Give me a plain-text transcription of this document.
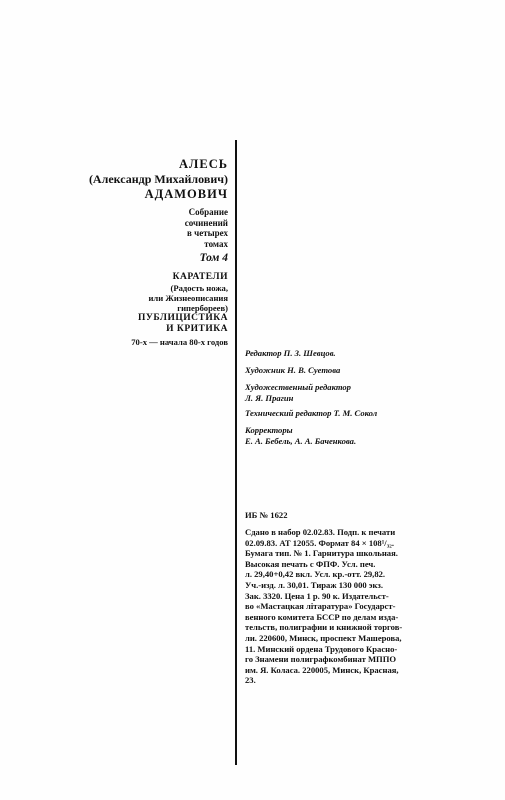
АЛЕСЬ
(Александр Михайлович)
АДАМОВИЧ
Собрание
сочинений
в четырех
томах
Том 4
КАРАТЕЛИ
(Радость ножа,
или Жизнеописания
гипербореев)
ПУБЛИЦИСТИКА
И КРИТИКА
70-х — начала 80-х годов
Редактор П. З. Шевцов.
Художник Н. В. Суетова
Художественный редактор
Л. Я. Прагин
Технический редактор Т. М. Сокол
Корректоры
Е. А. Бебель, А. А. Баченкова.
ИБ № 1622
Сдано в набор 02.02.83. Подп. к печати
02.09.83. АТ 12055. Формат 84 × 108¹/₃₂.
Бумага тип. № 1. Гарнитура школьная.
Высокая печать с ФПФ. Усл. печ.
л. 29,40+0,42 вкл. Усл. кр.-отт. 29,82.
Уч.-изд. л. 30,01. Тираж 130 000 экз.
Зак. 3320. Цена 1 р. 90 к. Издательст-
во «Мастацкая лiтаратура» Государст-
венного комитета БССР по делам изда-
тельств, полиграфии и книжной торгов-
ли. 220600, Минск, проспект Машерова,
11. Минский ордена Трудового Красно-
го Знамени полиграфкомбинат МППО
им. Я. Коласа. 220005, Минск, Красная,
23.
